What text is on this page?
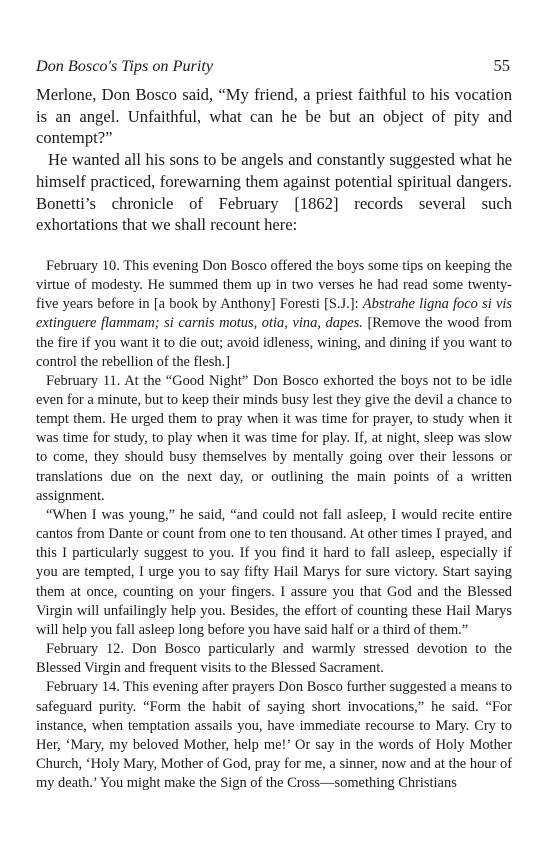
Don Bosco's Tips on Purity	55

Merlone, Don Bosco said, “My friend, a priest faithful to his vocation is an angel. Unfaithful, what can he be but an object of pity and contempt?”

He wanted all his sons to be angels and constantly suggested what he himself practiced, forewarning them against potential spiritual dangers. Bonetti’s chronicle of February [1862] records several such exhortations that we shall recount here:

February 10. This evening Don Bosco offered the boys some tips on keeping the virtue of modesty. He summed them up in two verses he had read some twenty-five years before in [a book by Anthony] Foresti [S.J.]: Abstrahe ligna foco si vis extinguere flammam; si carnis motus, otia, vina, dapes. [Remove the wood from the fire if you want it to die out; avoid idleness, wining, and dining if you want to control the rebellion of the flesh.]

February 11. At the “Good Night” Don Bosco exhorted the boys not to be idle even for a minute, but to keep their minds busy lest they give the devil a chance to tempt them. He urged them to pray when it was time for prayer, to study when it was time for study, to play when it was time for play. If, at night, sleep was slow to come, they should busy themselves by mentally going over their lessons or translations due on the next day, or outlining the main points of a written assignment.

“When I was young,” he said, “and could not fall asleep, I would recite entire cantos from Dante or count from one to ten thousand. At other times I prayed, and this I particularly suggest to you. If you find it hard to fall asleep, especially if you are tempted, I urge you to say fifty Hail Marys for sure victory. Start saying them at once, counting on your fingers. I assure you that God and the Blessed Virgin will unfailingly help you. Besides, the effort of counting these Hail Marys will help you fall asleep long before you have said half or a third of them.”

February 12. Don Bosco particularly and warmly stressed devotion to the Blessed Virgin and frequent visits to the Blessed Sacrament.

February 14. This evening after prayers Don Bosco further suggested a means to safeguard purity. “Form the habit of saying short invocations,” he said. “For instance, when temptation assails you, have immediate recourse to Mary. Cry to Her, ‘Mary, my beloved Mother, help me!’ Or say in the words of Holy Mother Church, ‘Holy Mary, Mother of God, pray for me, a sinner, now and at the hour of my death.’ You might make the Sign of the Cross—something Christians
